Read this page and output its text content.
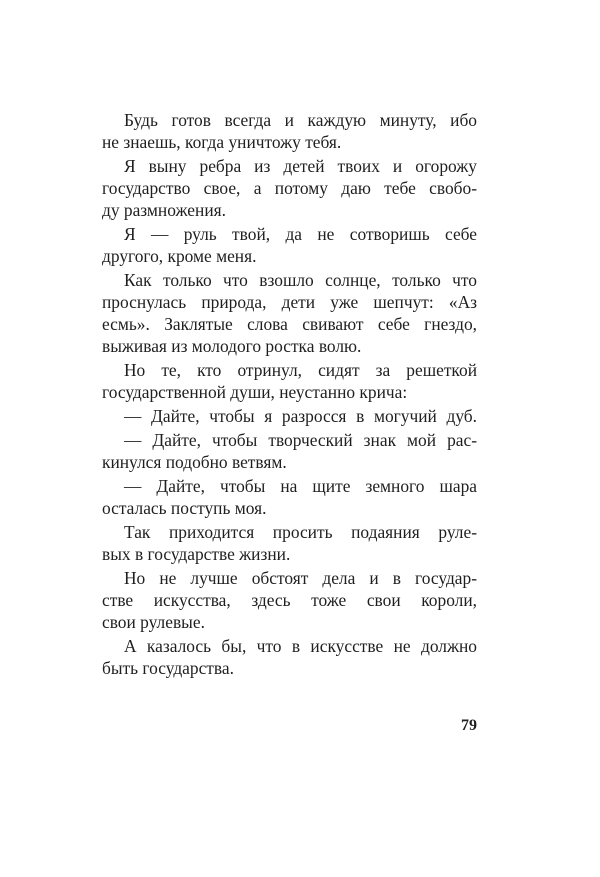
Будь готов всегда и каждую минуту, ибо
не знаешь, когда уничтожу тебя.
Я выну ребра из детей твоих и огорожу
государство свое, а потому даю тебе свобо-
ду размножения.
Я — руль твой, да не сотворишь себе
другого, кроме меня.
Как только что взошло солнце, только что
проснулась природа, дети уже шепчут: «Аз
есмь». Заклятые слова свивают себе гнездо,
выживая из молодого ростка волю.
Но те, кто отринул, сидят за решеткой
государственной души, неустанно крича:
— Дайте, чтобы я разросся в могучий дуб.
— Дайте, чтобы творческий знак мой рас-
кинулся подобно ветвям.
— Дайте, чтобы на щите земного шара
осталась поступь моя.
Так приходится просить подаяния руле-
вых в государстве жизни.
Но не лучше обстоят дела и в государ-
стве искусства, здесь тоже свои короли,
свои рулевые.
А казалось бы, что в искусстве не должно
быть государства.
79
